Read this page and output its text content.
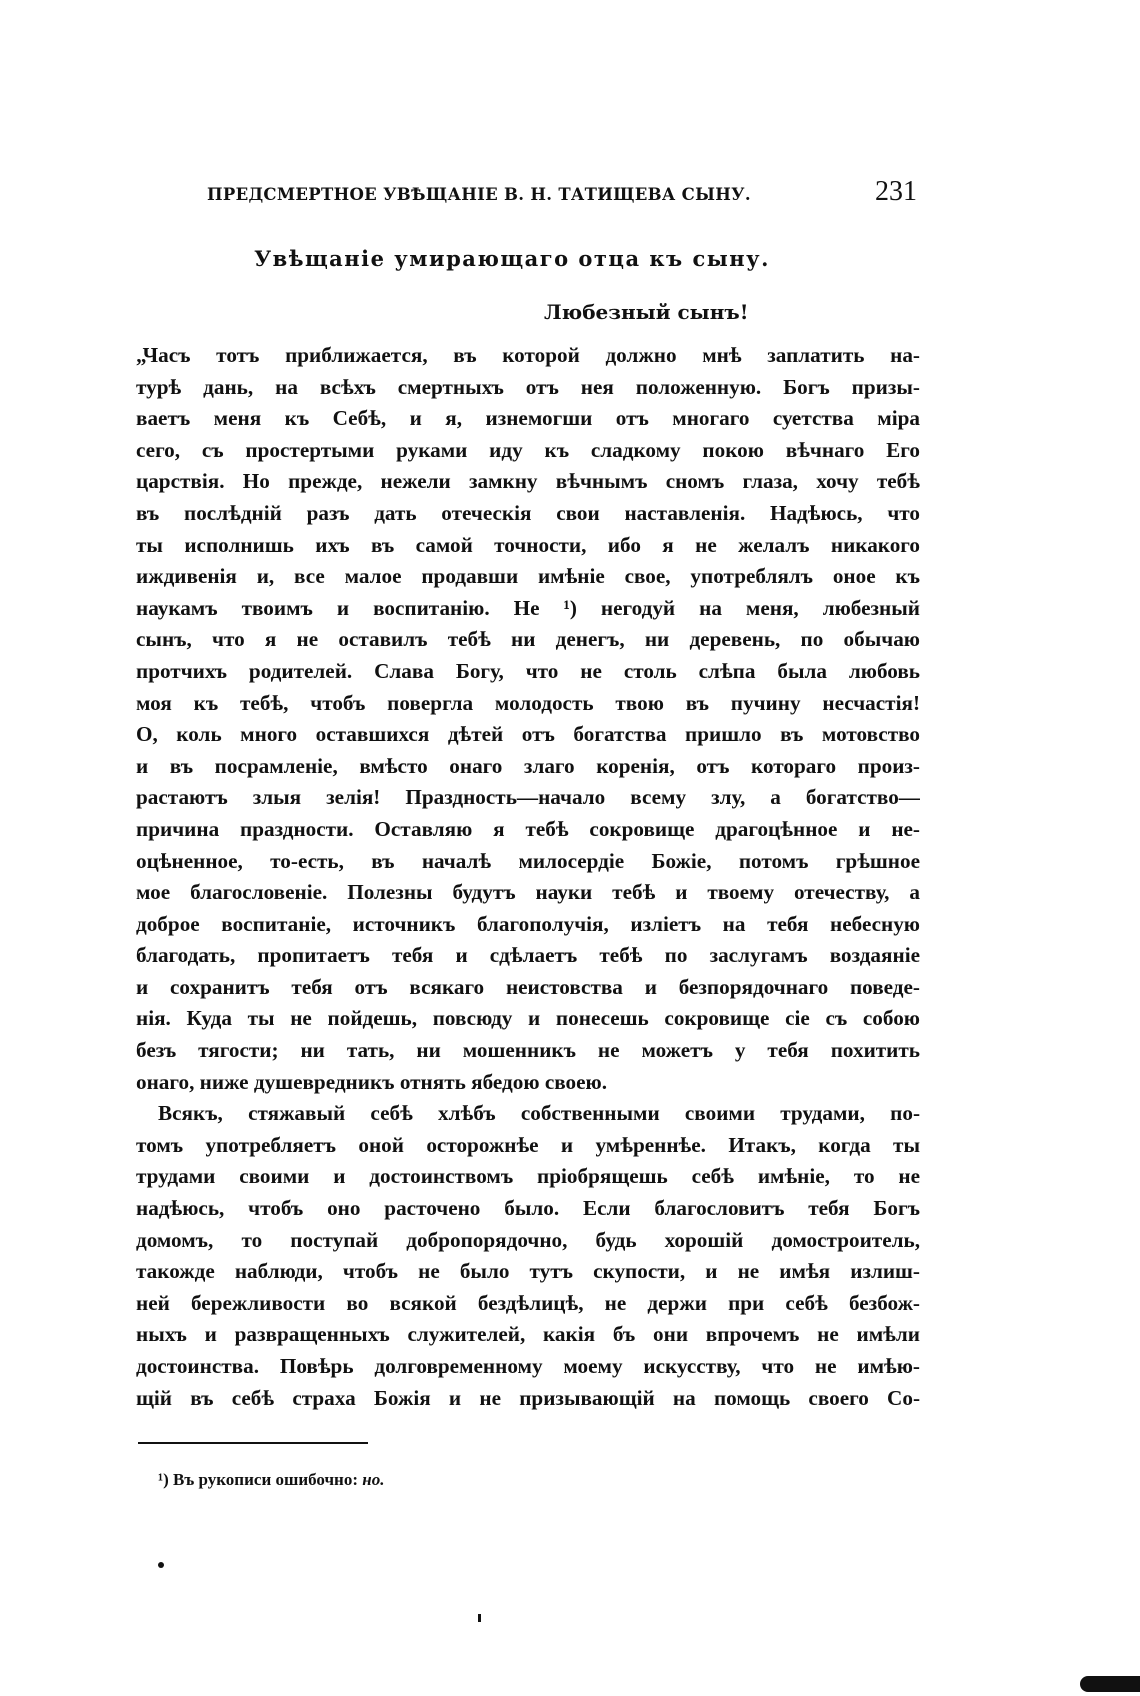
ПРЕДСМЕРТНОЕ УВѢЩАНІЕ В. Н. ТАТИЩЕВА СЫНУ.	231
Увѣщаніе умирающаго отца къ сыну.
Любезный сынъ!
„Часъ тотъ приближается, въ которой должно мнѣ заплатить на-
турѣ дань, на всѣхъ смертныхъ отъ нея положенную. Богъ призы-
ваетъ меня къ Себѣ, и я, изнемогши отъ многаго суетства міра
сего, съ простертыми руками иду къ сладкому покою вѣчнаго Его
царствія. Но прежде, нежели замкну вѣчнымъ сномъ глаза, хочу тебѣ
въ послѣдній разъ дать отеческія свои наставленія. Надѣюсь, что
ты исполнишь ихъ въ самой точности, ибо я не желалъ никакого
иждивенія и, все малое продавши имѣніе свое, употреблялъ оное къ
наукамъ твоимъ и воспитанію. Не ¹) негодуй на меня, любезный
сынъ, что я не оставилъ тебѣ ни денегъ, ни деревень, по обычаю
протчихъ родителей. Слава Богу, что не столь слѣпа была любовь
моя къ тебѣ, чтобъ повергла молодость твою въ пучину несчастія!
О, коль много оставшихся дѣтей отъ богатства пришло въ мотовство
и въ посрамленіе, вмѣсто онаго злаго коренія, отъ котораго произ-
растаютъ злыя зелія! Праздность—начало всему злу, а богатство—
причина праздности. Оставляю я тебѣ сокровище драгоцѣнное и не-
оцѣненное, то-есть, въ началѣ милосердіе Божіе, потомъ грѣшное
мое благословеніе. Полезны будутъ науки тебѣ и твоему отечеству, а
доброе воспитаніе, источникъ благополучія, изліетъ на тебя небесную
благодать, пропитаетъ тебя и сдѣлаетъ тебѣ по заслугамъ воздаяніе
и сохранитъ тебя отъ всякаго неистовства и безпорядочнаго поведе-
нія. Куда ты не пойдешь, повсюду и понесешь сокровище сіе съ собою
безъ тягости; ни тать, ни мошенникъ не можетъ у тебя похитить
онаго, ниже душевредникъ отнять ябедою своею.
Всякъ, стяжавый себѣ хлѣбъ собственными своими трудами, по-
томъ употребляетъ оной осторожнѣе и умѣреннѣе. Итакъ, когда ты
трудами своими и достоинствомъ пріобрящешь себѣ имѣніе, то не
надѣюсь, чтобъ оно расточено было. Если благословитъ тебя Богъ
домомъ, то поступай добропорядочно, будь хорошій домостроитель,
такожде наблюди, чтобъ не было тутъ скупости, и не имѣя излиш-
ней бережливости во всякой бездѣлицѣ, не держи при себѣ безбож-
ныхъ и развращенныхъ служителей, какія бъ они впрочемъ не имѣли
достоинства. Повѣрь долговременному моему искусству, что не имѣю-
щій въ себѣ страха Божія и не призывающій на помощь своего Со-
¹) Въ рукописи ошибочно: но.
